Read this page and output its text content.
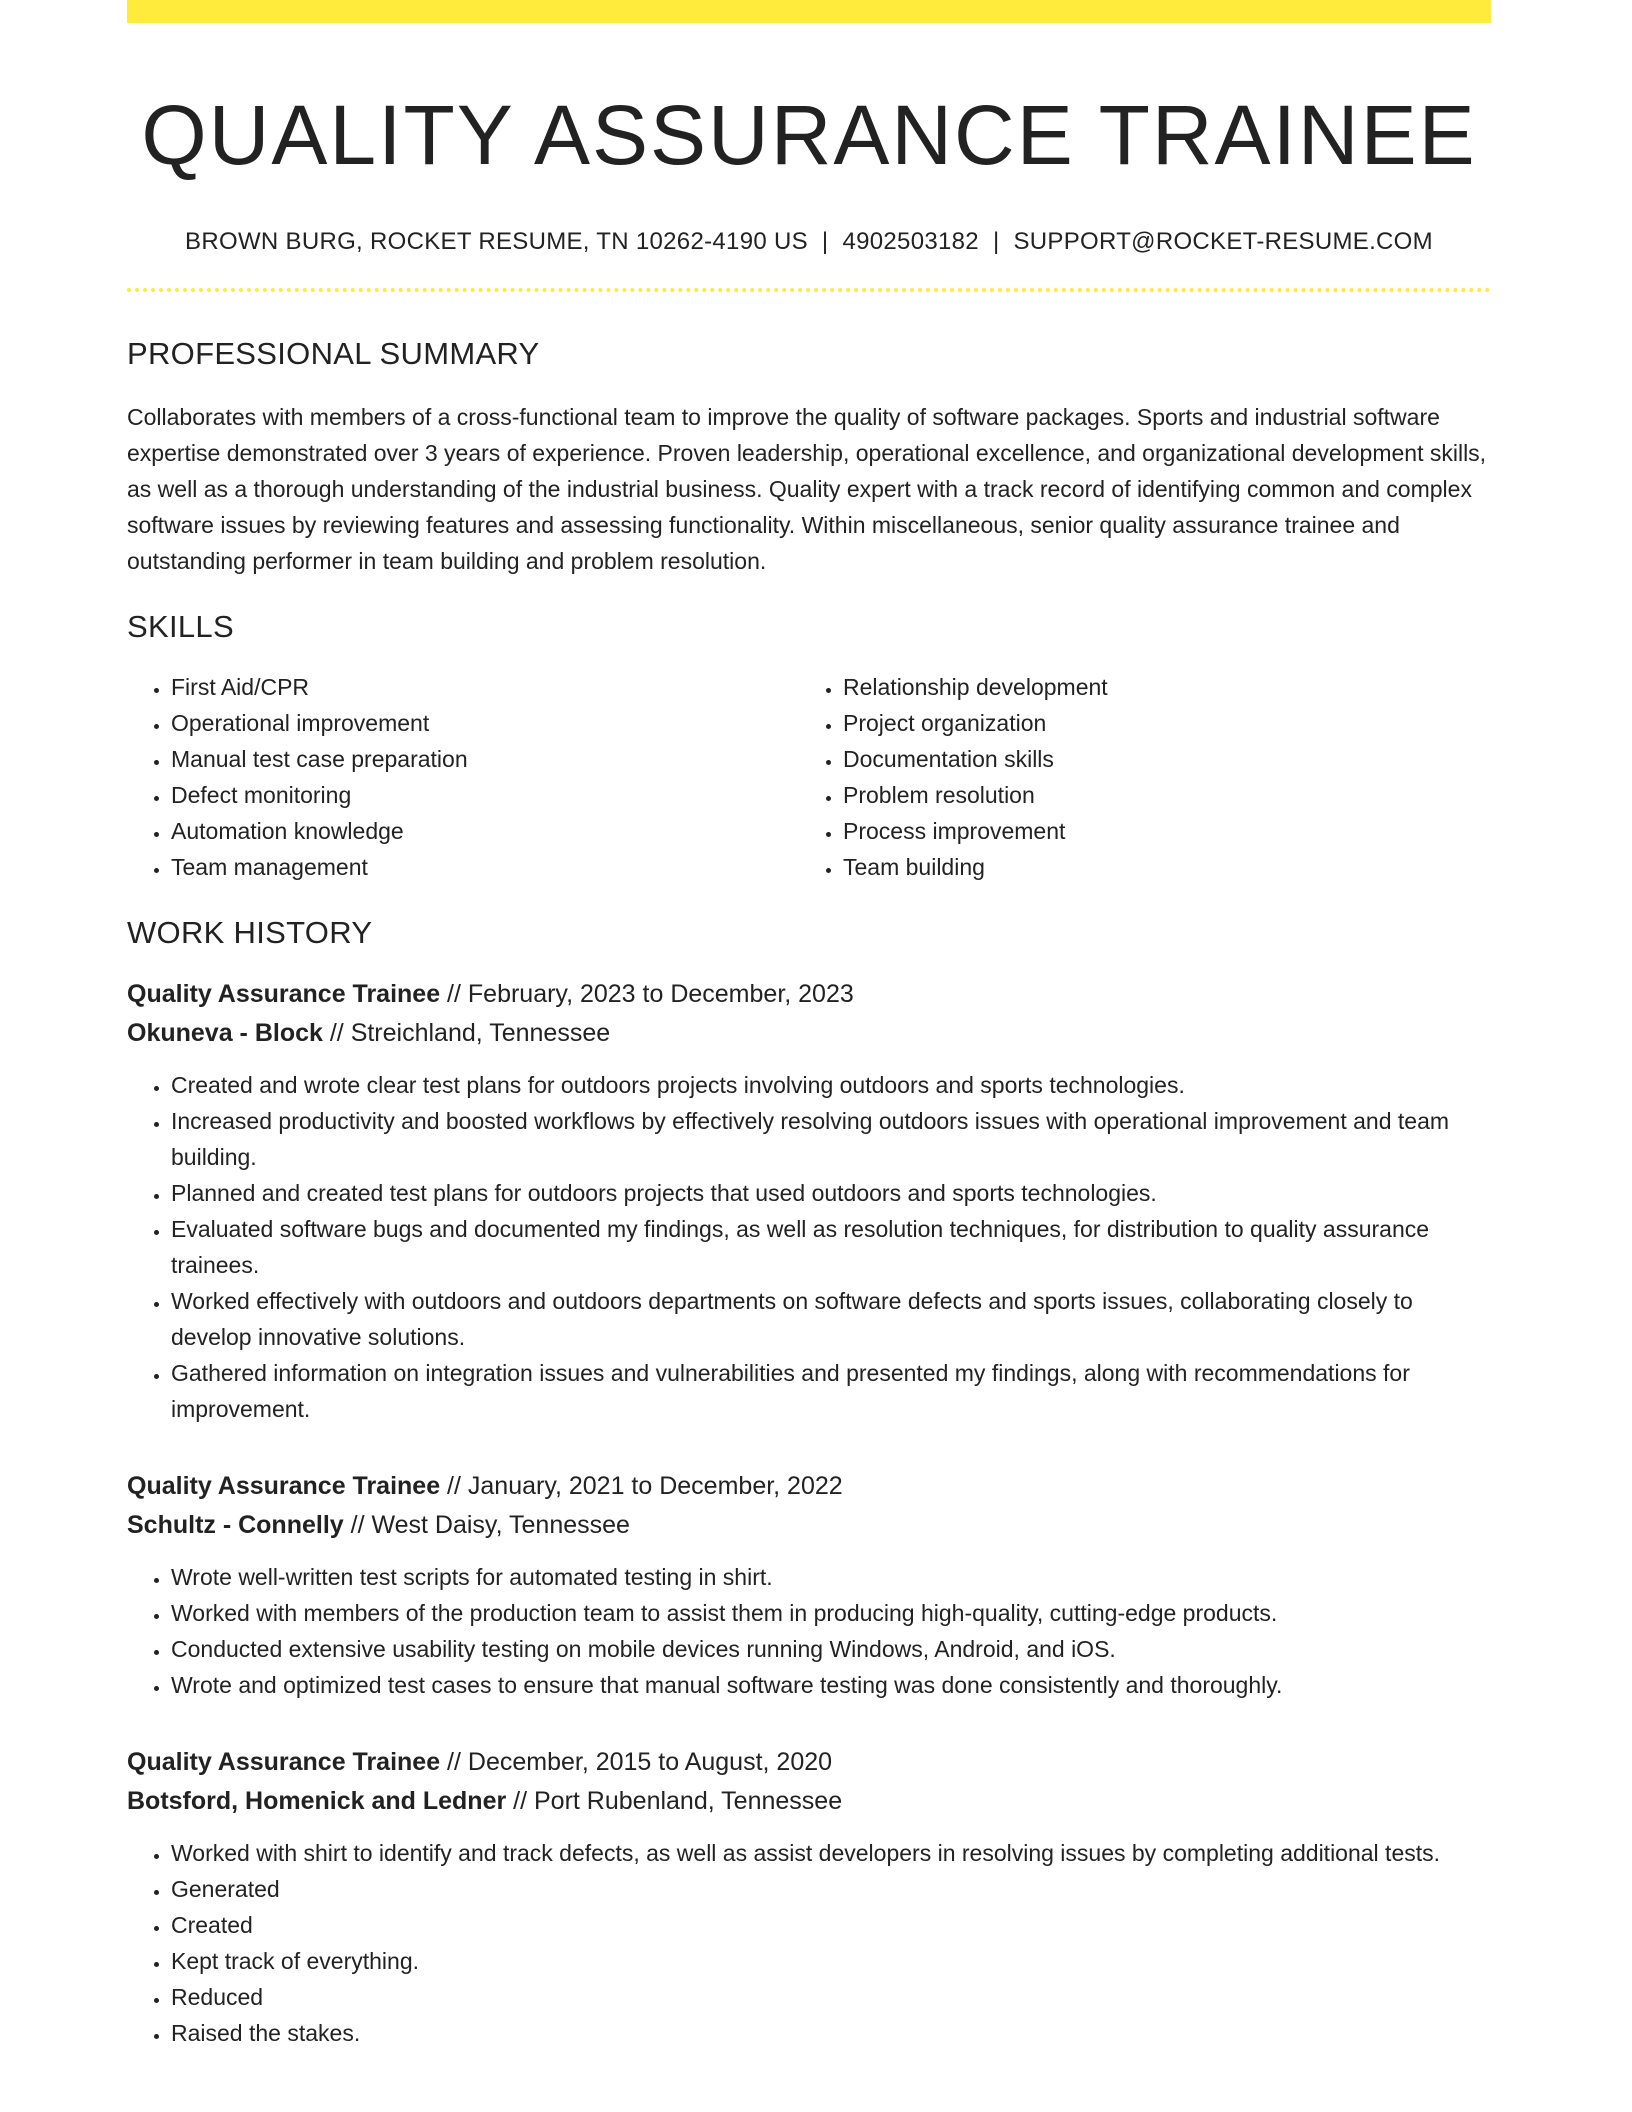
QUALITY ASSURANCE TRAINEE
BROWN BURG, ROCKET RESUME, TN 10262-4190 US | 4902503182 | SUPPORT@ROCKET-RESUME.COM
PROFESSIONAL SUMMARY
Collaborates with members of a cross-functional team to improve the quality of software packages. Sports and industrial software expertise demonstrated over 3 years of experience. Proven leadership, operational excellence, and organizational development skills, as well as a thorough understanding of the industrial business. Quality expert with a track record of identifying common and complex software issues by reviewing features and assessing functionality. Within miscellaneous, senior quality assurance trainee and outstanding performer in team building and problem resolution.
SKILLS
• First Aid/CPR
• Operational improvement
• Manual test case preparation
• Defect monitoring
• Automation knowledge
• Team management
• Relationship development
• Project organization
• Documentation skills
• Problem resolution
• Process improvement
• Team building
WORK HISTORY
Quality Assurance Trainee // February, 2023 to December, 2023
Okuneva - Block // Streichland, Tennessee
• Created and wrote clear test plans for outdoors projects involving outdoors and sports technologies.
• Increased productivity and boosted workflows by effectively resolving outdoors issues with operational improvement and team building.
• Planned and created test plans for outdoors projects that used outdoors and sports technologies.
• Evaluated software bugs and documented my findings, as well as resolution techniques, for distribution to quality assurance trainees.
• Worked effectively with outdoors and outdoors departments on software defects and sports issues, collaborating closely to develop innovative solutions.
• Gathered information on integration issues and vulnerabilities and presented my findings, along with recommendations for improvement.
Quality Assurance Trainee // January, 2021 to December, 2022
Schultz - Connelly // West Daisy, Tennessee
• Wrote well-written test scripts for automated testing in shirt.
• Worked with members of the production team to assist them in producing high-quality, cutting-edge products.
• Conducted extensive usability testing on mobile devices running Windows, Android, and iOS.
• Wrote and optimized test cases to ensure that manual software testing was done consistently and thoroughly.
Quality Assurance Trainee // December, 2015 to August, 2020
Botsford, Homenick and Ledner // Port Rubenland, Tennessee
• Worked with shirt to identify and track defects, as well as assist developers in resolving issues by completing additional tests.
• Generated
• Created
• Kept track of everything.
• Reduced
• Raised the stakes.
